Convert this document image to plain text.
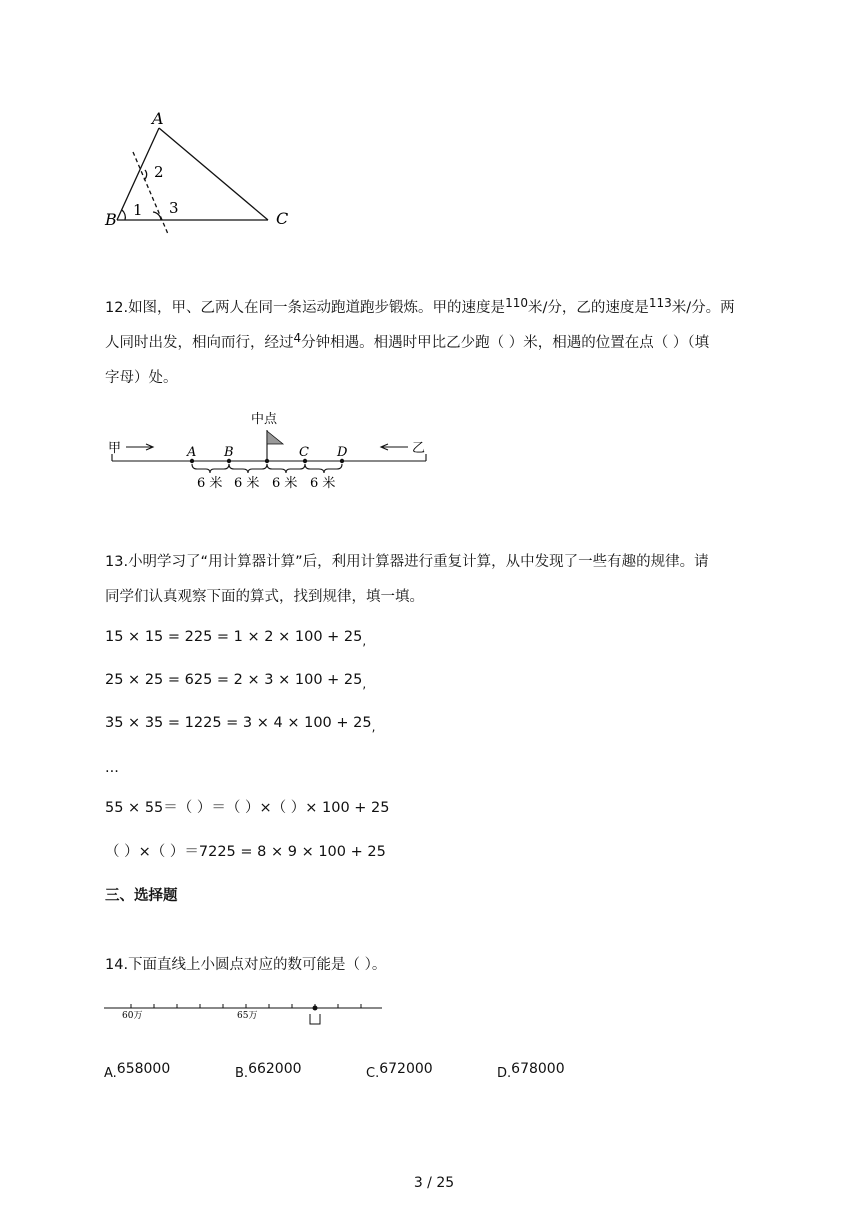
A
B	C
1
2
3
12.如图，甲、乙两人在同一条运动跑道跑步锻炼。甲的速度是$^{110}$米/分，乙的速度是$^{113}$米/分。两
人同时出发，相向而行，经过$^4$分钟相遇。相遇时甲比乙少跑（ ）米，相遇的位置在点（ ）（填
字母）处。
中点
甲	乙
A B	C D
6 米 6 米 6 米 6 米
13.小明学习了“用计算器计算”后，利用计算器进行重复计算，从中发现了一些有趣的规律。请
同学们认真观察下面的算式，找到规律，填一填。
$15 \times 15 = 225 = 1 \times 2 \times 100 + 25_,$
$25 \times 25 = 625 = 2 \times 3 \times 100 + 25_,$
$35 \times 35 = 1225 = 3 \times 4 \times 100 + 25_,$
...
55 × 55＝（ ）＝（ ）×（ ）× 100 + 25
（ ）×（ ）＝7225 = 8 × 9 × 100 + 25
三、选择题
14.下面直线上小圆点对应的数可能是（ ）。
60万	65万
$_{A.}$658000	$_{B.}$662000	$_{C.}$672000	$_{D.}$678000
3 / 25
